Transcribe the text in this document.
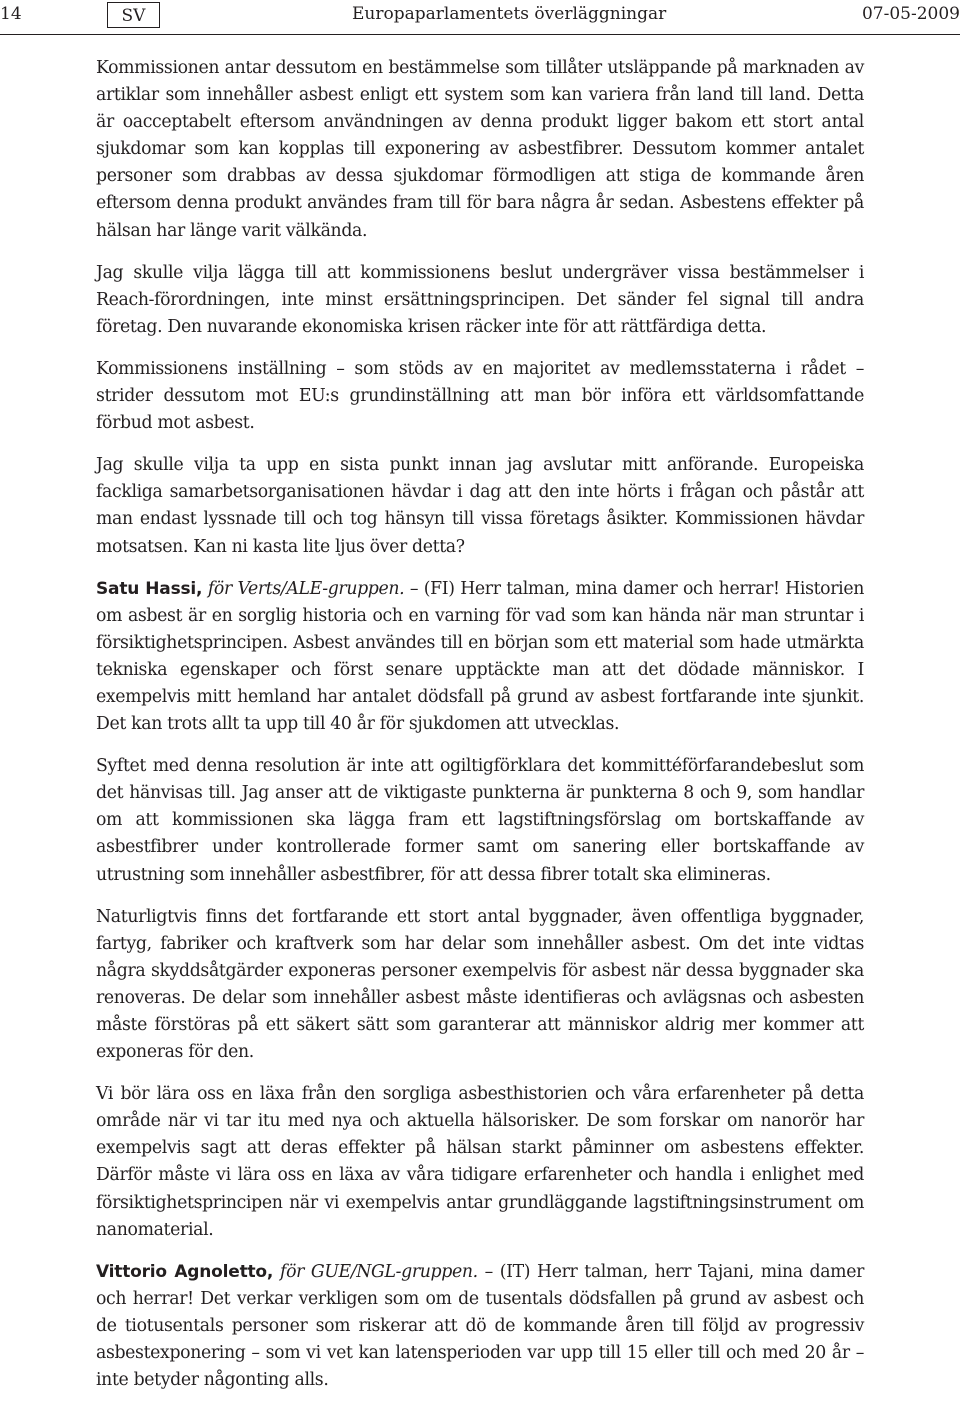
14	SV	Europaparlamentets överläggningar	07-05-2009

Kommissionen antar dessutom en bestämmelse som tillåter utsläppande på marknaden av artiklar som innehåller asbest enligt ett system som kan variera från land till land. Detta är oacceptabelt eftersom användningen av denna produkt ligger bakom ett stort antal sjukdomar som kan kopplas till exponering av asbestfibrer. Dessutom kommer antalet personer som drabbas av dessa sjukdomar förmodligen att stiga de kommande åren eftersom denna produkt användes fram till för bara några år sedan. Asbestens effekter på hälsan har länge varit välkända.

Jag skulle vilja lägga till att kommissionens beslut undergräver vissa bestämmelser i Reach-förordningen, inte minst ersättningsprincipen. Det sänder fel signal till andra företag. Den nuvarande ekonomiska krisen räcker inte för att rättfärdiga detta.

Kommissionens inställning – som stöds av en majoritet av medlemsstaterna i rådet – strider dessutom mot EU:s grundinställning att man bör införa ett världsomfattande förbud mot asbest.

Jag skulle vilja ta upp en sista punkt innan jag avslutar mitt anförande. Europeiska fackliga samarbetsorganisationen hävdar i dag att den inte hörts i frågan och påstår att man endast lyssnade till och tog hänsyn till vissa företags åsikter. Kommissionen hävdar motsatsen. Kan ni kasta lite ljus över detta?

Satu Hassi, för Verts/ALE-gruppen. – (FI) Herr talman, mina damer och herrar! Historien om asbest är en sorglig historia och en varning för vad som kan hända när man struntar i försiktighetsprincipen. Asbest användes till en början som ett material som hade utmärkta tekniska egenskaper och först senare upptäckte man att det dödade människor. I exempelvis mitt hemland har antalet dödsfall på grund av asbest fortfarande inte sjunkit. Det kan trots allt ta upp till 40 år för sjukdomen att utvecklas.

Syftet med denna resolution är inte att ogiltigförklara det kommittéförfarandebeslut som det hänvisas till. Jag anser att de viktigaste punkterna är punkterna 8 och 9, som handlar om att kommissionen ska lägga fram ett lagstiftningsförslag om bortskaffande av asbestfibrer under kontrollerade former samt om sanering eller bortskaffande av utrustning som innehåller asbestfibrer, för att dessa fibrer totalt ska elimineras.

Naturligtvis finns det fortfarande ett stort antal byggnader, även offentliga byggnader, fartyg, fabriker och kraftverk som har delar som innehåller asbest. Om det inte vidtas några skyddsåtgärder exponeras personer exempelvis för asbest när dessa byggnader ska renoveras. De delar som innehåller asbest måste identifieras och avlägsnas och asbesten måste förstöras på ett säkert sätt som garanterar att människor aldrig mer kommer att exponeras för den.

Vi bör lära oss en läxa från den sorgliga asbesthistorien och våra erfarenheter på detta område när vi tar itu med nya och aktuella hälsorisker. De som forskar om nanorör har exempelvis sagt att deras effekter på hälsan starkt påminner om asbestens effekter. Därför måste vi lära oss en läxa av våra tidigare erfarenheter och handla i enlighet med försiktighetsprincipen när vi exempelvis antar grundläggande lagstiftningsinstrument om nanomaterial.

Vittorio Agnoletto, för GUE/NGL-gruppen. – (IT) Herr talman, herr Tajani, mina damer och herrar! Det verkar verkligen som om de tusentals dödsfallen på grund av asbest och de tiotusentals personer som riskerar att dö de kommande åren till följd av progressiv asbestexponering – som vi vet kan latensperioden var upp till 15 eller till och med 20 år – inte betyder någonting alls.
